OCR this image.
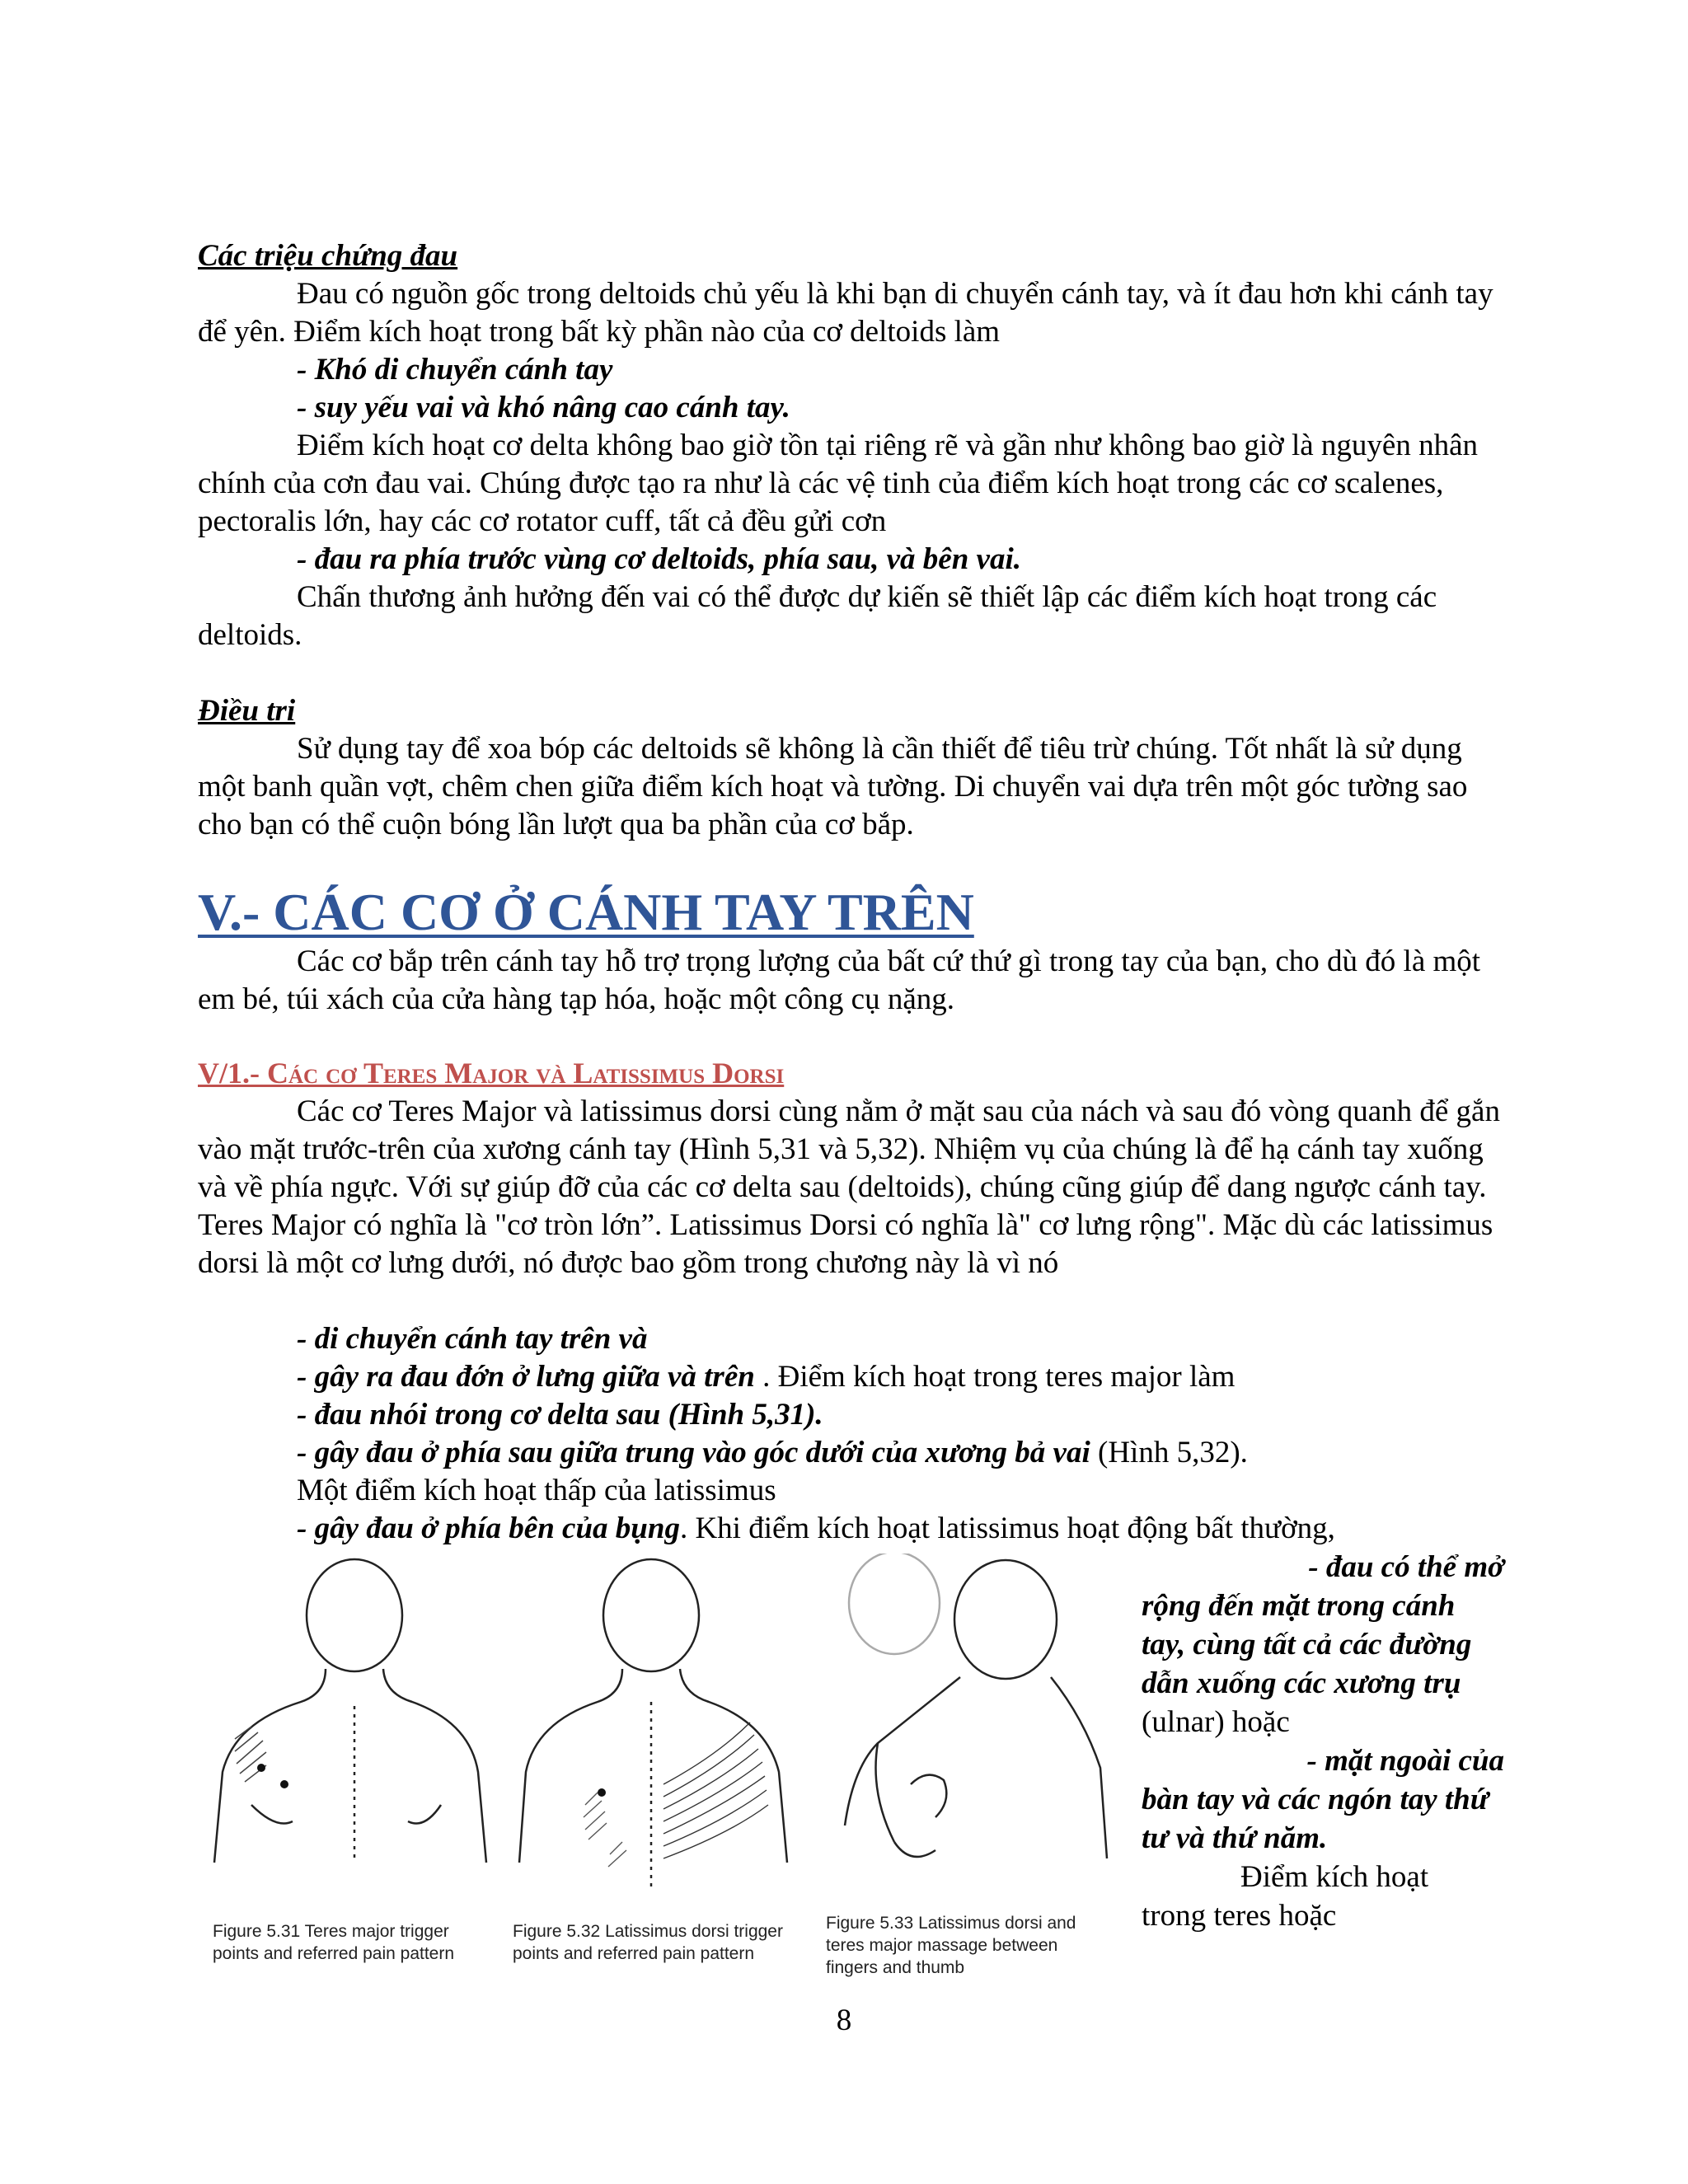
Các triệu chứng đau

Đau có nguồn gốc trong deltoids chủ yếu là khi bạn di chuyển cánh tay, và ít đau hơn khi cánh tay để yên. Điểm kích hoạt trong bất kỳ phần nào của cơ deltoids làm

- Khó di chuyển cánh tay

- suy yếu vai và khó nâng cao cánh tay.

Điểm kích hoạt cơ delta không bao giờ tồn tại riêng rẽ và gần như không bao giờ là nguyên nhân chính của cơn đau vai. Chúng được tạo ra như là các vệ tinh của điểm kích hoạt trong các cơ scalenes, pectoralis lớn, hay các cơ rotator cuff, tất cả đều gửi cơn

- đau ra phía trước vùng cơ deltoids, phía sau, và bên vai.

Chấn thương ảnh hưởng đến vai có thể được dự kiến sẽ thiết lập các điểm kích hoạt trong các deltoids.

Điều tri

Sử dụng tay để xoa bóp các deltoids sẽ không là cần thiết để tiêu trừ chúng. Tốt nhất là sử dụng một banh quần vợt, chêm chen giữa điểm kích hoạt và tường. Di chuyển vai dựa trên một góc tường sao cho bạn có thể cuộn bóng lần lượt qua ba phần của cơ bắp.

V.- CÁC CƠ Ở CÁNH TAY TRÊN

Các cơ bắp trên cánh tay hỗ trợ trọng lượng của bất cứ thứ gì trong tay của bạn, cho dù đó là một em bé, túi xách của cửa hàng tạp hóa, hoặc một công cụ nặng.

V/1.- Các cơ Teres Major và Latissimus Dorsi

Các cơ Teres Major và latissimus dorsi cùng nằm ở mặt sau của nách và sau đó vòng quanh để gắn vào mặt trước-trên của xương cánh tay (Hình 5,31 và 5,32). Nhiệm vụ của chúng là để hạ cánh tay xuống và về phía ngực. Với sự giúp đỡ của các cơ delta sau (deltoids), chúng cũng giúp để dang ngược cánh tay. Teres Major có nghĩa là "cơ tròn lớn”. Latissimus Dorsi có nghĩa là" cơ lưng rộng". Mặc dù các latissimus dorsi là một cơ lưng dưới, nó được bao gồm trong chương này là vì nó

- di chuyển cánh tay trên và

- gây ra đau đớn ở lưng giữa và trên . Điểm kích hoạt trong teres major làm

- đau nhói trong cơ delta sau (Hình 5,31).

- gây đau ở phía sau giữa trung vào góc dưới của xương bả vai (Hình 5,32).

Một điểm kích hoạt thấp của latissimus

- gây đau ở phía bên của bụng. Khi điểm kích hoạt latissimus hoạt động bất thường,

- đau có thể mở
rộng đến mặt trong cánh tay, cùng tất cả các đường dẫn xuống các xương trụ (ulnar) hoặc
- mặt ngoài của
bàn tay và các ngón tay thứ tư và thứ năm.
Điểm kích hoạt
trong teres hoặc
Figure 5.31 Teres major trigger points and referred pain pattern
Figure 5.32 Latissimus dorsi trigger points and referred pain pattern
Figure 5.33 Latissimus dorsi and teres major massage between fingers and thumb
8
